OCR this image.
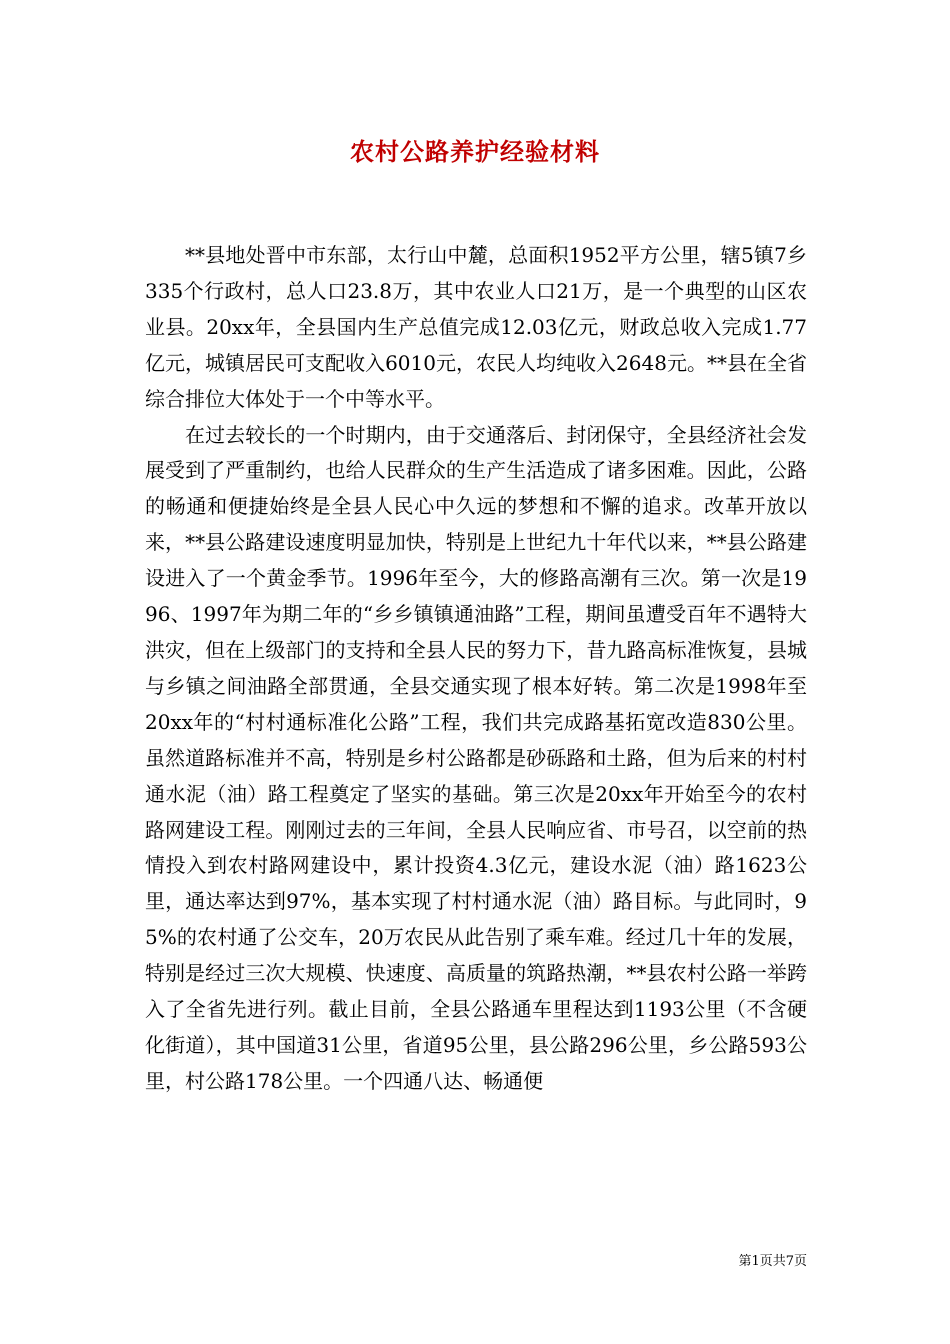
农村公路养护经验材料

**县地处晋中市东部，太行山中麓，总面积1952平方公里，辖5镇7乡335个行政村，总人口23.8万，其中农业人口21万，是一个典型的山区农业县。20xx年，全县国内生产总值完成12.03亿元，财政总收入完成1.77亿元，城镇居民可支配收入6010元，农民人均纯收入2648元。**县在全省综合排位大体处于一个中等水平。

在过去较长的一个时期内，由于交通落后、封闭保守，全县经济社会发展受到了严重制约，也给人民群众的生产生活造成了诸多困难。因此，公路的畅通和便捷始终是全县人民心中久远的梦想和不懈的追求。改革开放以来，**县公路建设速度明显加快，特别是上世纪九十年代以来，**县公路建设进入了一个黄金季节。1996年至今，大的修路高潮有三次。第一次是1996、1997年为期二年的“乡乡镇镇通油路”工程，期间虽遭受百年不遇特大洪灾，但在上级部门的支持和全县人民的努力下，昔九路高标准恢复，县城与乡镇之间油路全部贯通，全县交通实现了根本好转。第二次是1998年至20xx年的“村村通标准化公路”工程，我们共完成路基拓宽改造830公里。虽然道路标准并不高，特别是乡村公路都是砂砾路和土路，但为后来的村村通水泥（油）路工程奠定了坚实的基础。第三次是20xx年开始至今的农村路网建设工程。刚刚过去的三年间，全县人民响应省、市号召，以空前的热情投入到农村路网建设中，累计投资4.3亿元，建设水泥（油）路1623公里，通达率达到97%，基本实现了村村通水泥（油）路目标。与此同时，95%的农村通了公交车，20万农民从此告别了乘车难。经过几十年的发展，特别是经过三次大规模、快速度、高质量的筑路热潮，**县农村公路一举跨入了全省先进行列。截止目前，全县公路通车里程达到1193公里（不含硬化街道），其中国道31公里，省道95公里，县公路296公里，乡公路593公里，村公路178公里。一个四通八达、畅通便

第1页共7页
